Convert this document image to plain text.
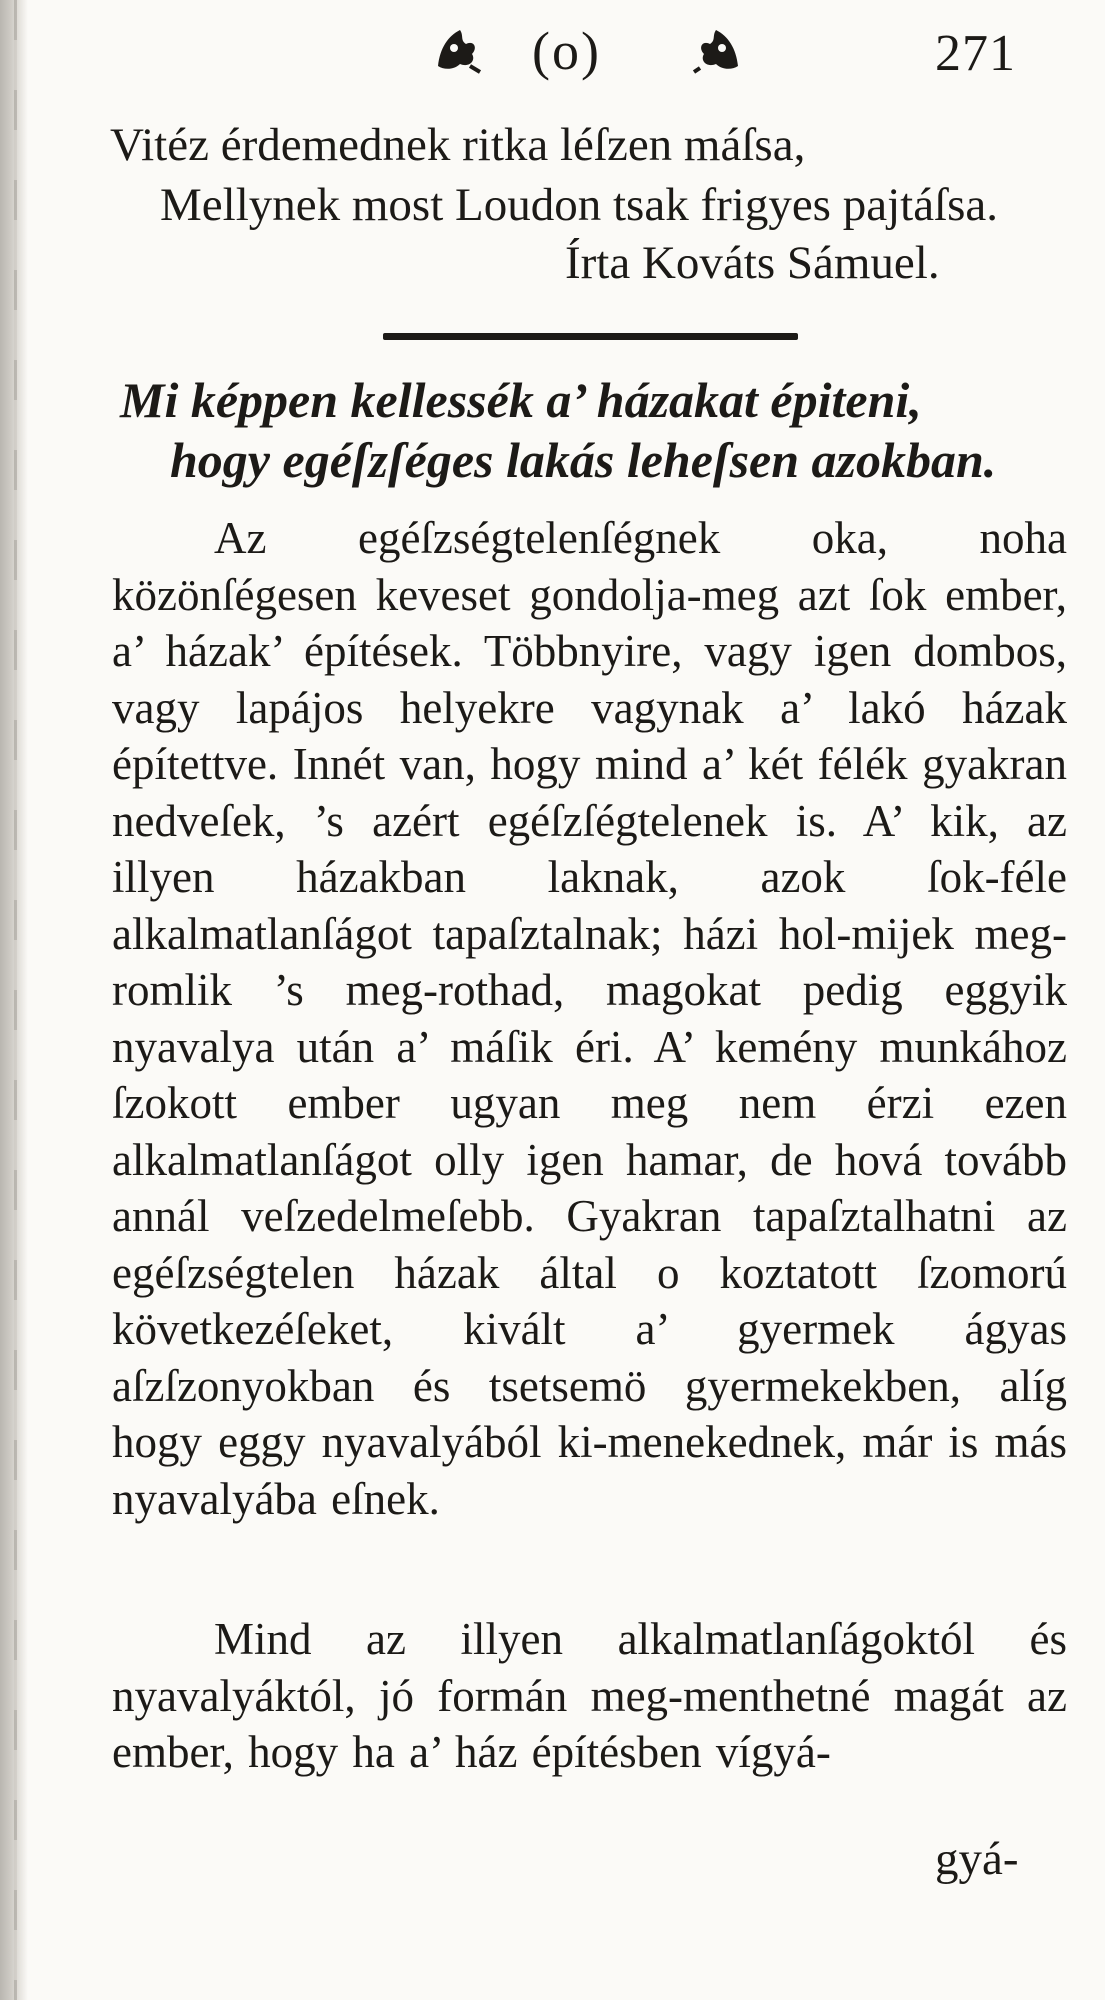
(o)	271

Vitéz érdemednek ritka léſzen máſsa,

Mellynek most Loudon tsak frigyes pajtáſsa.

Írta Kováts Sámuel.

Mi képpen kellessék a’ házakat épiteni,
hogy egéſzſéges lakás leheſsen azokban.

Az egéſzségtelenſégnek oka, noha közönſégesen keveset gondolja-meg azt ſok ember, a’ házak’ építések. Többnyire, vagy igen dombos, vagy lapájos helyekre vagynak a’ lakó házak építettve. Innét van, hogy mind a’ két félék gyakran nedveſek, ’s azért egéſzſégtelenek is. A’ kik, az illyen házakban laknak, azok ſok-féle alkalmatlanſágot tapaſztalnak; házi hol-mijek meg-romlik ’s meg-rothad, magokat pedig eggyik nyavalya után a’ máſik éri. A’ kemény munkához ſzokott ember ugyan meg nem érzi ezen alkalmatlanſágot olly igen hamar, de hová tovább annál veſzedelmeſebb. Gyakran tapaſztalhatni az egéſzségtelen házak által o koztatott ſzomorú következéſeket, kivált a’ gyermek ágyas aſzſzonyokban és tsetsemö gyermekekben, alíg hogy eggy nyavalyából ki-menekednek, már is más nyavalyába eſnek.

Mind az illyen alkalmatlanſágoktól és nyavalyáktól, jó formán meg-menthetné magát az ember, hogy ha a’ ház építésben vígyá-

gyá-
